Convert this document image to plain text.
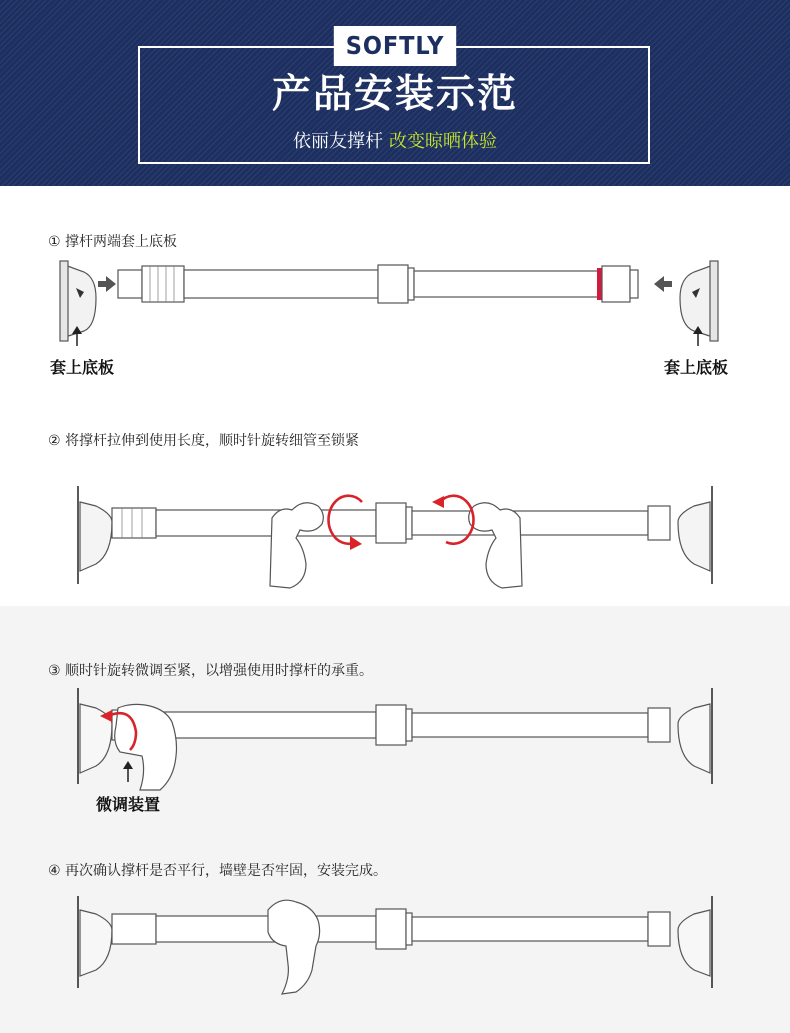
SOFTLY
产品安装示范
依丽友撑杆 改变晾晒体验
① 撑杆两端套上底板
套上底板	套上底板
② 将撑杆拉伸到使用长度，顺时针旋转细管至锁紧
③ 顺时针旋转微调至紧，以增强使用时撑杆的承重。
微调装置
④ 再次确认撑杆是否平行，墙壁是否牢固，安装完成。
